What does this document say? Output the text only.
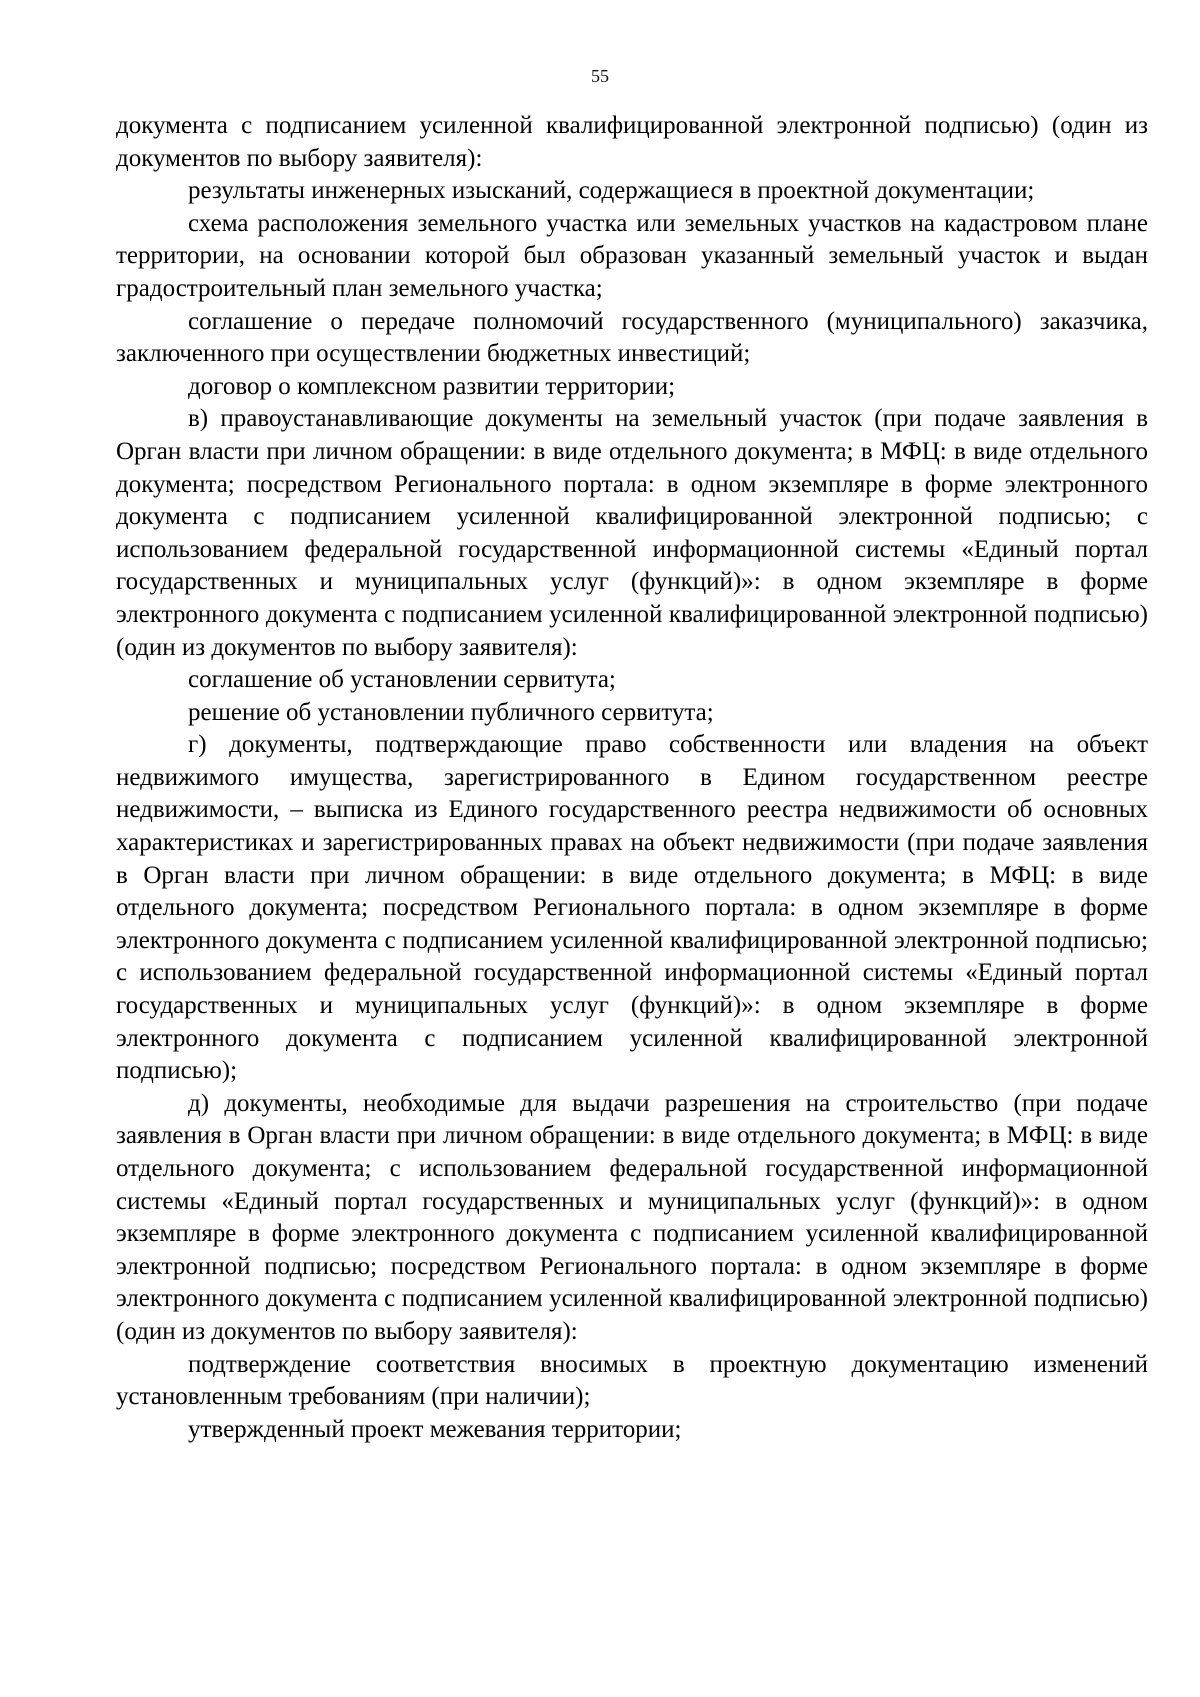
55

документа с подписанием усиленной квалифицированной электронной подписью) (один из документов по выбору заявителя):

результаты инженерных изысканий, содержащиеся в проектной документации;

схема расположения земельного участка или земельных участков на кадастровом плане территории, на основании которой был образован указанный земельный участок и выдан градостроительный план земельного участка;

соглашение о передаче полномочий государственного (муниципального) заказчика, заключенного при осуществлении бюджетных инвестиций;

договор о комплексном развитии территории;

в) правоустанавливающие документы на земельный участок (при подаче заявления в Орган власти при личном обращении: в виде отдельного документа; в МФЦ: в виде отдельного документа; посредством Регионального портала: в одном экземпляре в форме электронного документа с подписанием усиленной квалифицированной электронной подписью; с использованием федеральной государственной информационной системы «Единый портал государственных и муниципальных услуг (функций)»: в одном экземпляре в форме электронного документа с подписанием усиленной квалифицированной электронной подписью) (один из документов по выбору заявителя):

соглашение об установлении сервитута;

решение об установлении публичного сервитута;

г) документы, подтверждающие право собственности или владения на объект недвижимого имущества, зарегистрированного в Едином государственном реестре недвижимости, – выписка из Единого государственного реестра недвижимости об основных характеристиках и зарегистрированных правах на объект недвижимости (при подаче заявления в Орган власти при личном обращении: в виде отдельного документа; в МФЦ: в виде отдельного документа; посредством Регионального портала: в одном экземпляре в форме электронного документа с подписанием усиленной квалифицированной электронной подписью; с использованием федеральной государственной информационной системы «Единый портал государственных и муниципальных услуг (функций)»: в одном экземпляре в форме электронного документа с подписанием усиленной квалифицированной электронной подписью);

д) документы, необходимые для выдачи разрешения на строительство (при подаче заявления в Орган власти при личном обращении: в виде отдельного документа; в МФЦ: в виде отдельного документа; с использованием федеральной государственной информационной системы «Единый портал государственных и муниципальных услуг (функций)»: в одном экземпляре в форме электронного документа с подписанием усиленной квалифицированной электронной подписью; посредством Регионального портала: в одном экземпляре в форме электронного документа с подписанием усиленной квалифицированной электронной подписью) (один из документов по выбору заявителя):

подтверждение соответствия вносимых в проектную документацию изменений установленным требованиям (при наличии);

утвержденный проект межевания территории;
